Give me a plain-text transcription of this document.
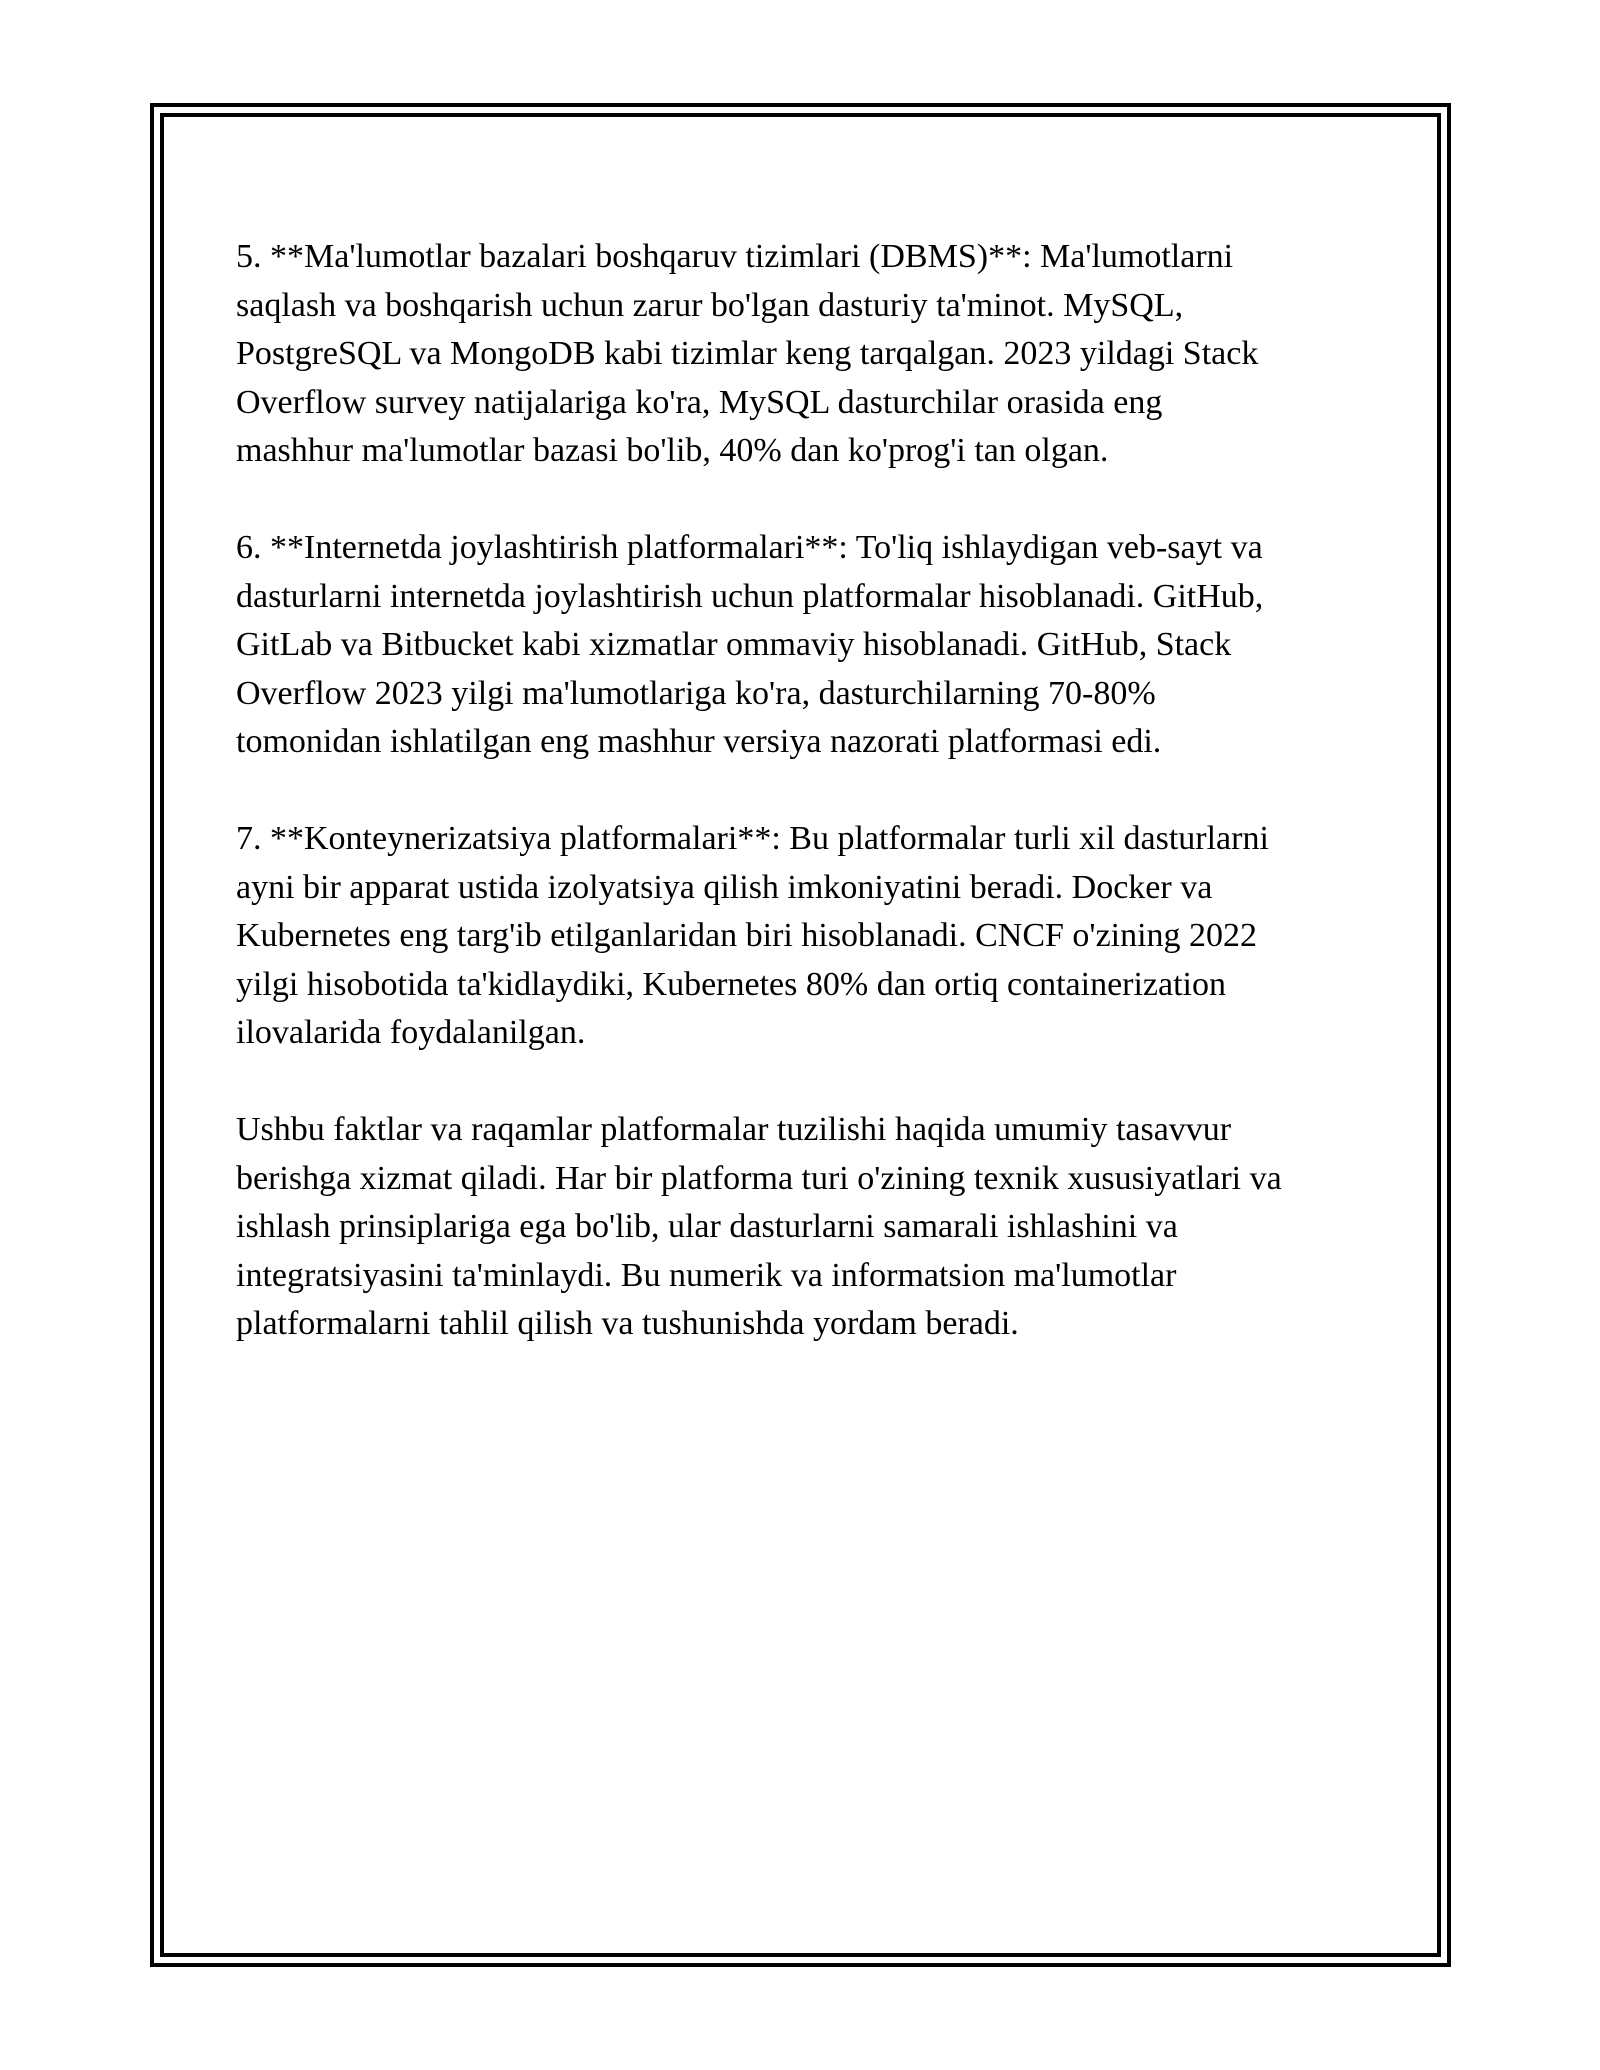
5. **Ma'lumotlar bazalari boshqaruv tizimlari (DBMS)**: Ma'lumotlarni
saqlash va boshqarish uchun zarur bo'lgan dasturiy ta'minot. MySQL,
PostgreSQL va MongoDB kabi tizimlar keng tarqalgan. 2023 yildagi Stack
Overflow survey natijalariga ko'ra, MySQL dasturchilar orasida eng
mashhur ma'lumotlar bazasi bo'lib, 40% dan ko'prog'i tan olgan.

6. **Internetda joylashtirish platformalari**: To'liq ishlaydigan veb-sayt va
dasturlarni internetda joylashtirish uchun platformalar hisoblanadi. GitHub,
GitLab va Bitbucket kabi xizmatlar ommaviy hisoblanadi. GitHub, Stack
Overflow 2023 yilgi ma'lumotlariga ko'ra, dasturchilarning 70-80%
tomonidan ishlatilgan eng mashhur versiya nazorati platformasi edi.

7. **Konteynerizatsiya platformalari**: Bu platformalar turli xil dasturlarni
ayni bir apparat ustida izolyatsiya qilish imkoniyatini beradi. Docker va
Kubernetes eng targ'ib etilganlaridan biri hisoblanadi. CNCF o'zining 2022
yilgi hisobotida ta'kidlaydiki, Kubernetes 80% dan ortiq containerization
ilovalarida foydalanilgan.

Ushbu faktlar va raqamlar platformalar tuzilishi haqida umumiy tasavvur
berishga xizmat qiladi. Har bir platforma turi o'zining texnik xususiyatlari va
ishlash prinsiplariga ega bo'lib, ular dasturlarni samarali ishlashini va
integratsiyasini ta'minlaydi. Bu numerik va informatsion ma'lumotlar
platformalarni tahlil qilish va tushunishda yordam beradi.
